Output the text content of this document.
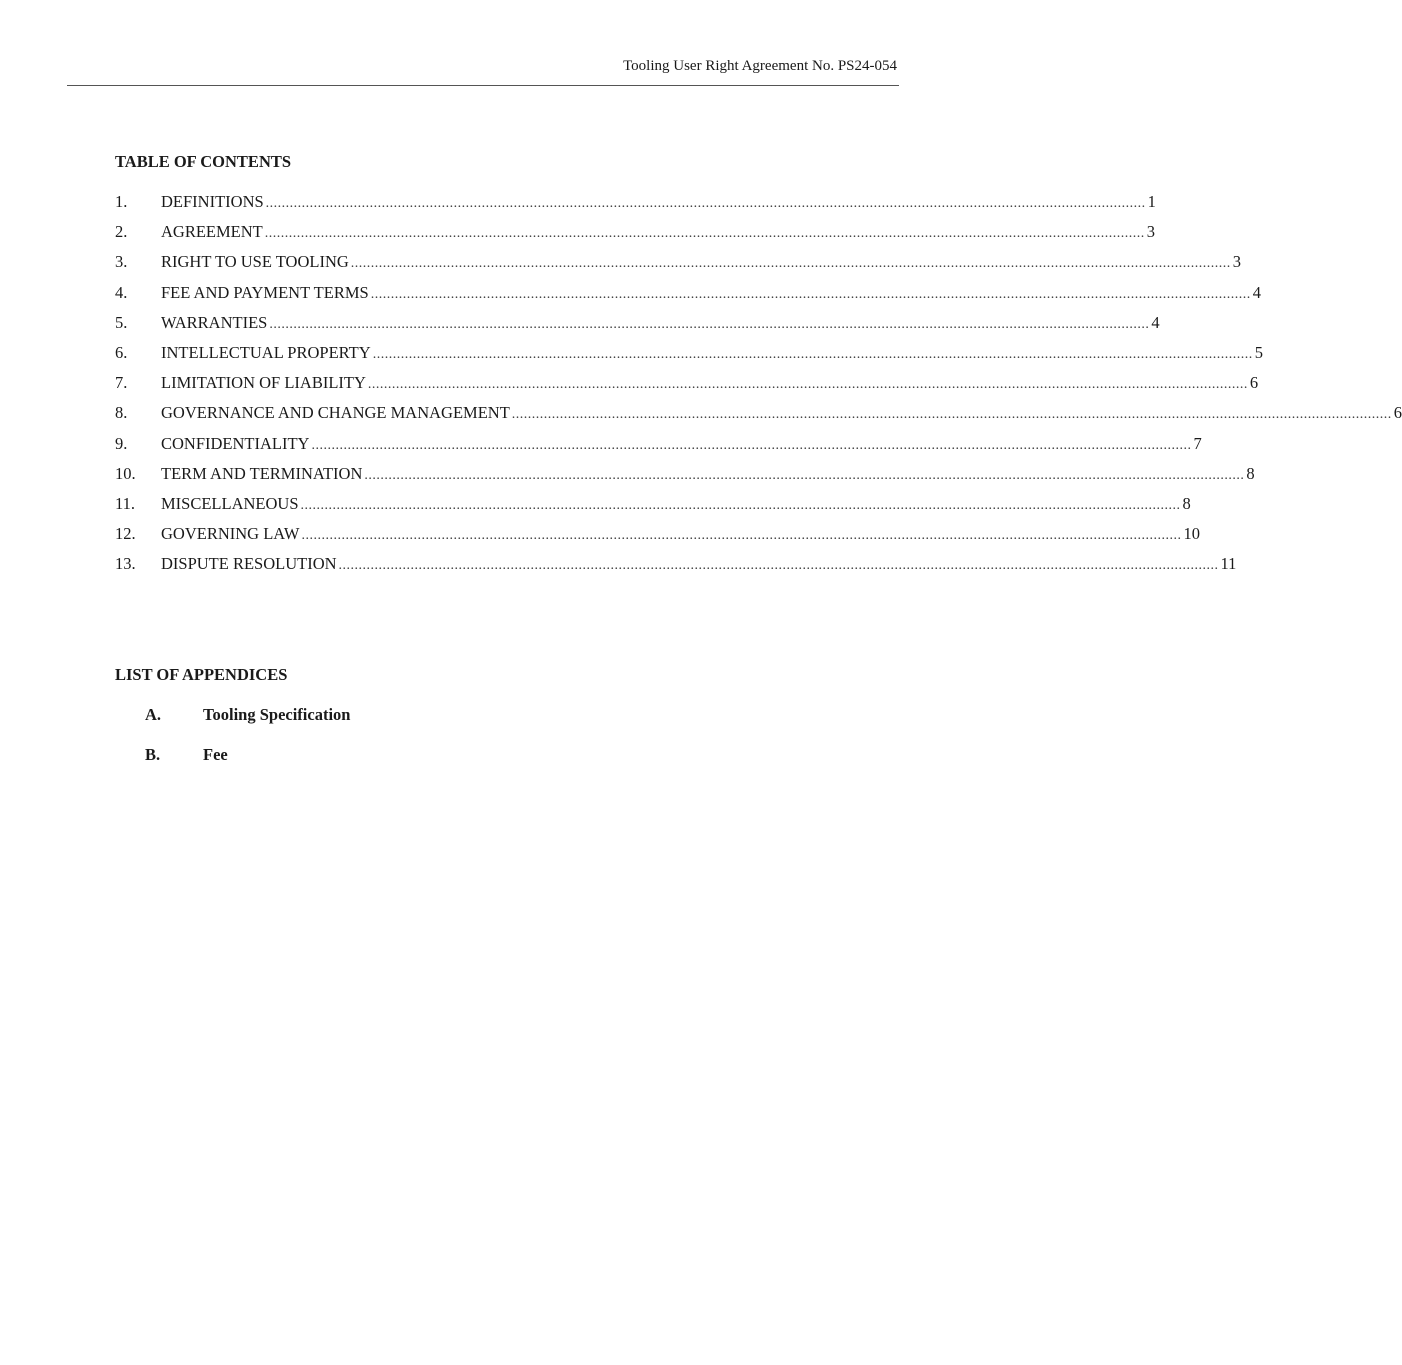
Tooling User Right Agreement No. PS24-054
TABLE OF CONTENTS
1.	DEFINITIONS ............................................................................................................................................................................................................................ 1
2.	AGREEMENT ............................................................................................................................................................................................................................ 3
3.	RIGHT TO USE TOOLING ............................................................................................................................................................................................................................ 3
4.	FEE AND PAYMENT TERMS ............................................................................................................................................................................................................................ 4
5.	WARRANTIES ............................................................................................................................................................................................................................ 4
6.	INTELLECTUAL PROPERTY ............................................................................................................................................................................................................................ 5
7.	LIMITATION OF LIABILITY ............................................................................................................................................................................................................................ 6
8.	GOVERNANCE AND CHANGE MANAGEMENT ............................................................................................................................................................................................................................ 6
9.	CONFIDENTIALITY ............................................................................................................................................................................................................................ 7
10.	TERM AND TERMINATION ............................................................................................................................................................................................................................ 8
11.	MISCELLANEOUS ............................................................................................................................................................................................................................ 8
12.	GOVERNING LAW ............................................................................................................................................................................................................................ 10
13.	DISPUTE RESOLUTION ............................................................................................................................................................................................................................ 11
LIST OF APPENDICES
A.	Tooling Specification
B.	Fee
